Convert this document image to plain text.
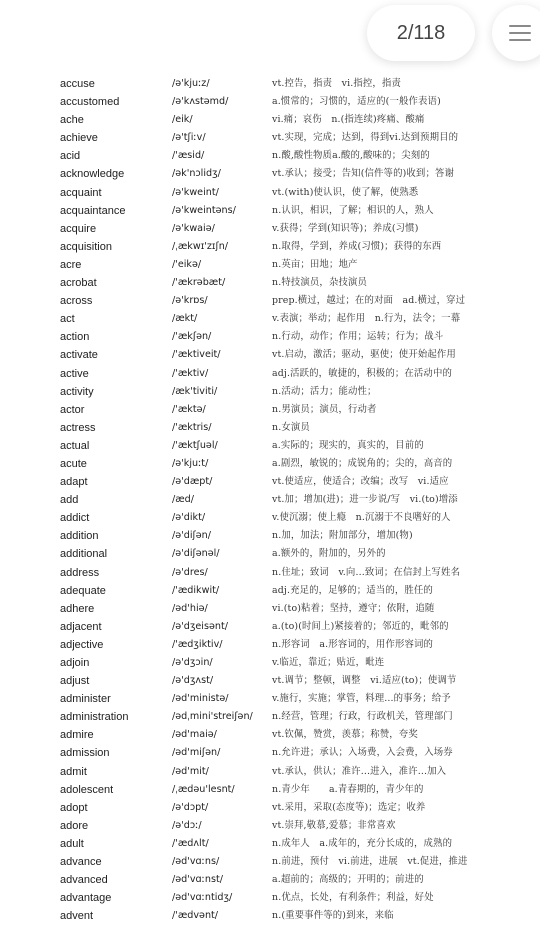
2/118
accuse	/ə'kjuːz/	vt.控告，指责　vi.指控，指责
accustomed	/ə'kʌstəmd/	a.惯常的；习惯的，适应的(一般作表语)
ache	/eik/	vi.痛；哀伤　n.(指连续)疼痛、酸痛
achieve	/ə'tʃiːv/	vt.实现，完成；达到，得到vi.达到预期目的
acid	/'æsid/	n.酸,酸性物质a.酸的,酸味的；尖刻的
acknowledge	/ək'nɔlidʒ/	vt.承认；接受；告知(信件等的)收到；答谢
acquaint	/ə'kweint/	vt.(with)使认识，使了解，使熟悉
acquaintance	/ə'kweintəns/	n.认识，相识，了解；相识的人，熟人
acquire	/ə'kwaiə/	v.获得；学到(知识等)；养成(习惯)
acquisition	/ˌækwɪ'zɪʃn/	n.取得，学到，养成(习惯)；获得的东西
acre	/'eikə/	n.英亩；田地；地产
acrobat	/'ækrəbæt/	n.特技演员，杂技演员
across	/ə'krɒs/	prep.横过，越过；在的对面　ad.横过，穿过
act	/ækt/	v.表演；举动；起作用　n.行为，法令；一幕
action	/'ækʃən/	n.行动，动作；作用；运转；行为；战斗
activate	/'æktiveit/	vt.启动，激活；驱动，驱使；使开始起作用
active	/'æktiv/	adj.活跃的，敏捷的，积极的；在活动中的
activity	/æk'tiviti/	n.活动；活力；能动性；
actor	/'æktə/	n.男演员；演员，行动者
actress	/'æktris/	n.女演员
actual	/'æktʃuəl/	a.实际的；现实的，真实的，目前的
acute	/ə'kjuːt/	a.剧烈，敏锐的；成锐角的；尖的，高音的
adapt	/ə'dæpt/	vt.使适应，使适合；改编；改写　vi.适应
add	/æd/	vt.加；增加(进)；进一步说/写　vi.(to)增添
addict	/ə'dikt/	v.使沉溺；使上瘾　n.沉溺于不良嗜好的人
addition	/ə'diʃən/	n.加，加法；附加部分，增加(物)
additional	/ə'diʃənəl/	a.额外的，附加的，另外的
address	/ə'dres/	n.住址；致词　v.向...致词；在信封上写姓名
adequate	/'ædikwit/	adj.充足的，足够的；适当的，胜任的
adhere	/əd'hiə/	vi.(to)粘着；坚持，遵守；依附，追随
adjacent	/ə'dʒeisənt/	a.(to)(时间上)紧接着的；邻近的，毗邻的
adjective	/'ædʒiktiv/	n.形容词　a.形容词的，用作形容词的
adjoin	/ə'dʒɔin/	v.临近，靠近；贴近，毗连
adjust	/ə'dʒʌst/	vt.调节；整顿，调整　vi.适应(to)；使调节
administer	/əd'ministə/	v.施行，实施；掌管，料理...的事务；给予
administration	/ədˌmini'streiʃən/ n.经营，管理；行政，行政机关，管理部门
admire	/əd'maiə/	vt.钦佩，赞赏，羡慕；称赞，夸奖
admission	/əd'miʃən/	n.允许进；承认；入场费，入会费，入场券
admit	/əd'mit/	vt.承认，供认；准许...进入，准许...加入
adolescent	/ˌædəu'lesnt/	n.青少年　　a.青春期的，青少年的
adopt	/ə'dɔpt/	vt.采用，采取(态度等)；选定；收养
adore	/ə'dɔː/	vt.崇拜,敬慕,爱慕；非常喜欢
adult	/'ædʌlt/	n.成年人　a.成年的，充分长成的，成熟的
advance	/əd'vɑːns/	n.前进，预付　vi.前进，进展　vt.促进，推进
advanced	/əd'vɑːnst/	a.超前的；高级的；开明的；前进的
advantage	/əd'vɑːntidʒ/	n.优点，长处，有利条件；利益，好处
advent	/'ædvənt/	n.(重要事件等的)到来，来临
